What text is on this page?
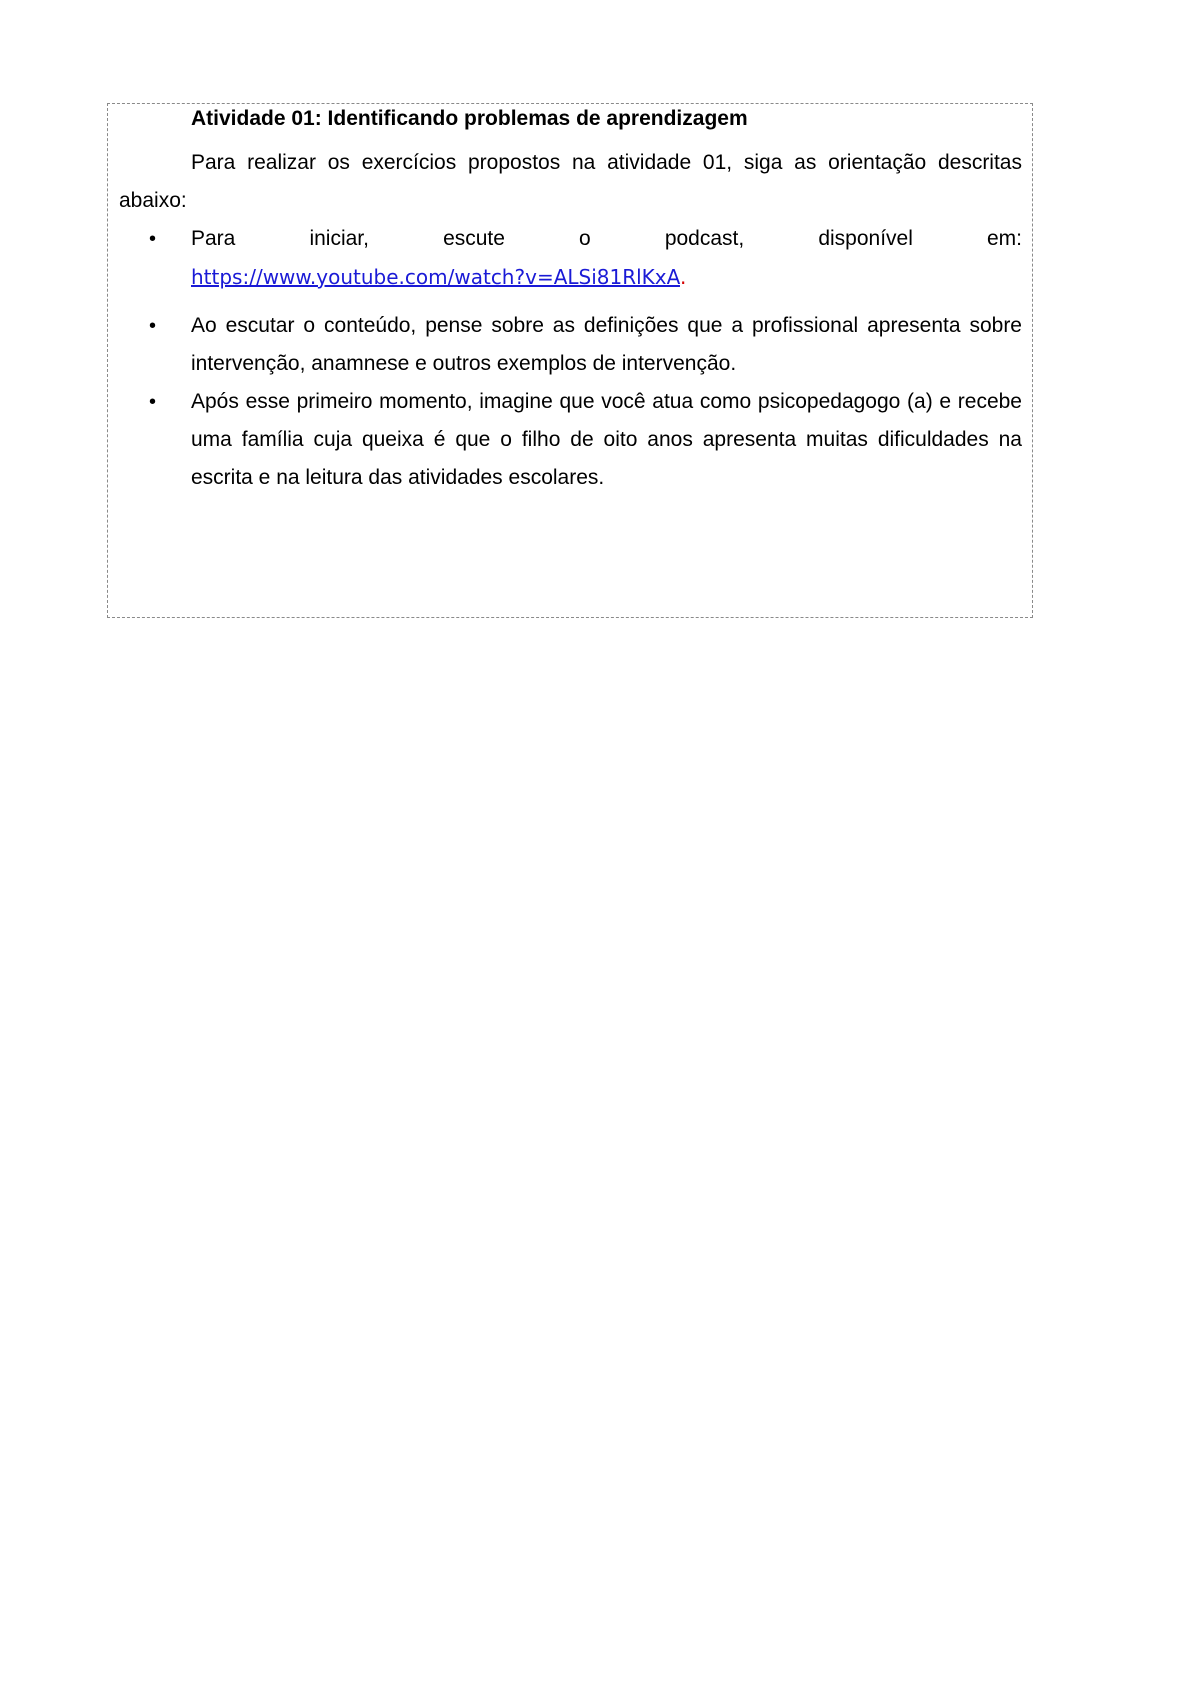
Atividade 01: Identificando problemas de aprendizagem

Para realizar os exercícios propostos na atividade 01, siga as orientação descritas abaixo:

• Para	iniciar,	escute	o	podcast,	disponível	em:
https://www.youtube.com/watch?v=ALSi81RlKxA.
• Ao escutar o conteúdo, pense sobre as definições que a profissional apresenta sobre intervenção, anamnese e outros exemplos de intervenção.

• Após esse primeiro momento, imagine que você atua como psicopedagogo (a) e recebe uma família cuja queixa é que o filho de oito anos apresenta muitas dificuldades na escrita e na leitura das atividades escolares.
